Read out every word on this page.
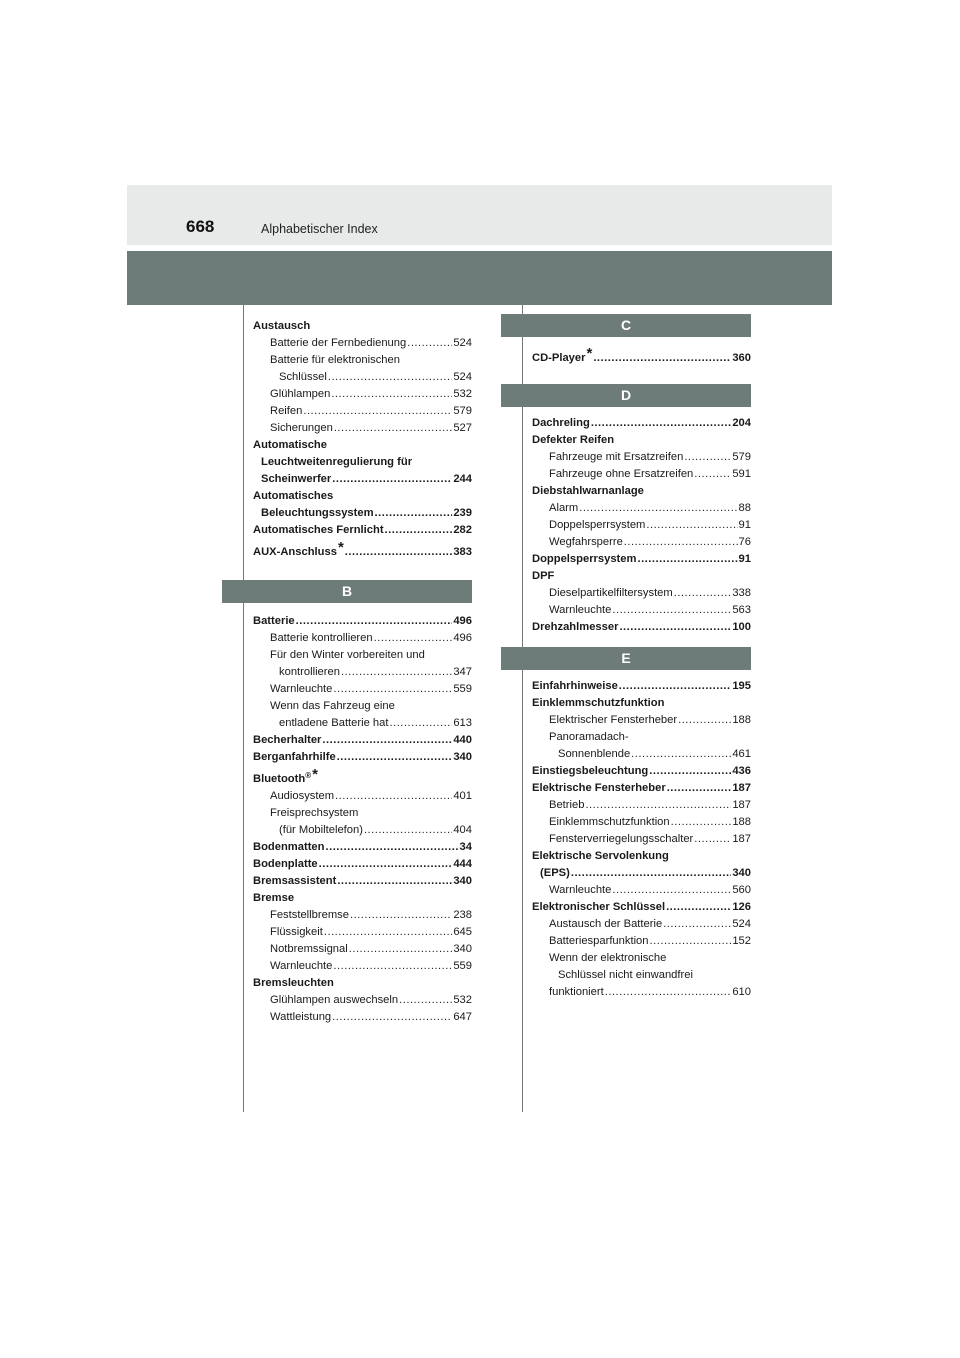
668	Alphabetischer Index
Austausch
Batterie der Fernbedienung .....	524
Batterie für elektronischen
Schlüssel .....	524
Glühlampen .....	532
Reifen .....	579
Sicherungen .....	527
Automatische
Leuchtweitenregulierung für
Scheinwerfer .....	244
Automatisches
Beleuchtungssystem .....	239
Automatisches Fernlicht .....	282
AUX-Anschluss* .....	383
B
Batterie .....	496
Batterie kontrollieren .....	496
Für den Winter vorbereiten und
kontrollieren .....	347
Warnleuchte .....	559
Wenn das Fahrzeug eine
entladene Batterie hat .....	613
Becherhalter .....	440
Berganfahrhilfe .....	340
Bluetooth®*
Audiosystem .....	401
Freisprechsystem
(für Mobiltelefon) .....	404
Bodenmatten .....	34
Bodenplatte .....	444
Bremsassistent .....	340
Bremse
Feststellbremse .....	238
Flüssigkeit .....	645
Notbremssignal .....	340
Warnleuchte .....	559
Bremsleuchten
Glühlampen auswechseln .....	532
Wattleistung .....	647
C
CD-Player* .....	360
D
Dachreling .....	204
Defekter Reifen
Fahrzeuge mit Ersatzreifen .....	579
Fahrzeuge ohne Ersatzreifen .....	591
Diebstahlwarnanlage
Alarm .....	88
Doppelsperrsystem .....	91
Wegfahrsperre .....	76
Doppelsperrsystem .....	91
DPF
Dieselpartikelfiltersystem .....	338
Warnleuchte .....	563
Drehzahlmesser .....	100
E
Einfahrhinweise .....	195
Einklemmschutzfunktion
Elektrischer Fensterheber .....	188
Panoramadach-
Sonnenblende .....	461
Einstiegsbeleuchtung .....	436
Elektrische Fensterheber .....	187
Betrieb .....	187
Einklemmschutzfunktion .....	188
Fensterverriegelungsschalter .....	187
Elektrische Servolenkung
(EPS) .....	340
Warnleuchte .....	560
Elektronischer Schlüssel .....	126
Austausch der Batterie .....	524
Batteriesparfunktion .....	152
Wenn der elektronische
Schlüssel nicht einwandfrei
funktioniert .....	610
